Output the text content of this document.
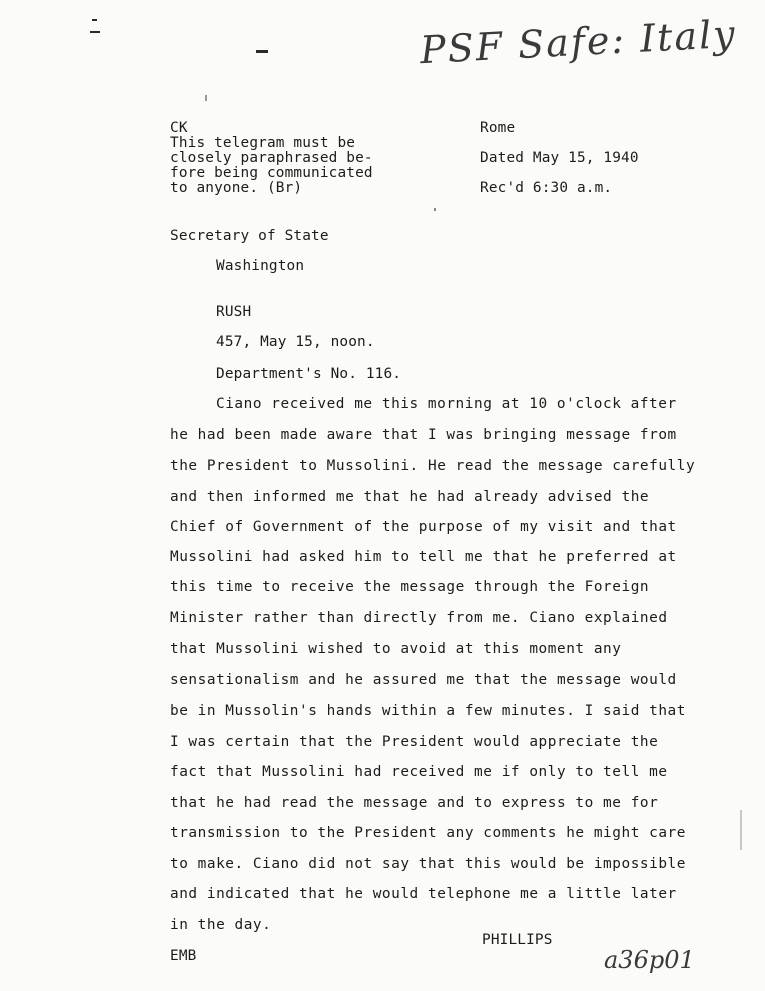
PSF Safe: Italy
CK
This telegram must be
closely paraphrased be-
fore being communicated
to anyone. (Br)
Rome
Dated May 15, 1940
Rec'd 6:30 a.m.
Secretary of State
Washington
RUSH
457, May 15, noon.
Department's No. 116.
Ciano received me this morning at 10 o'clock after
he had been made aware that I was bringing message from
the President to Mussolini. He read the message carefully
and then informed me that he had already advised the
Chief of Government of the purpose of my visit and that
Mussolini had asked him to tell me that he preferred at
this time to receive the message through the Foreign
Minister rather than directly from me. Ciano explained
that Mussolini wished to avoid at this moment any
sensationalism and he assured me that the message would
be in Mussolin's hands within a few minutes. I said that
I was certain that the President would appreciate the
fact that Mussolini had received me if only to tell me
that he had read the message and to express to me for
transmission to the President any comments he might care
to make. Ciano did not say that this would be impossible
and indicated that he would telephone me a little later
in the day.
PHILLIPS
EMB	a36p01
